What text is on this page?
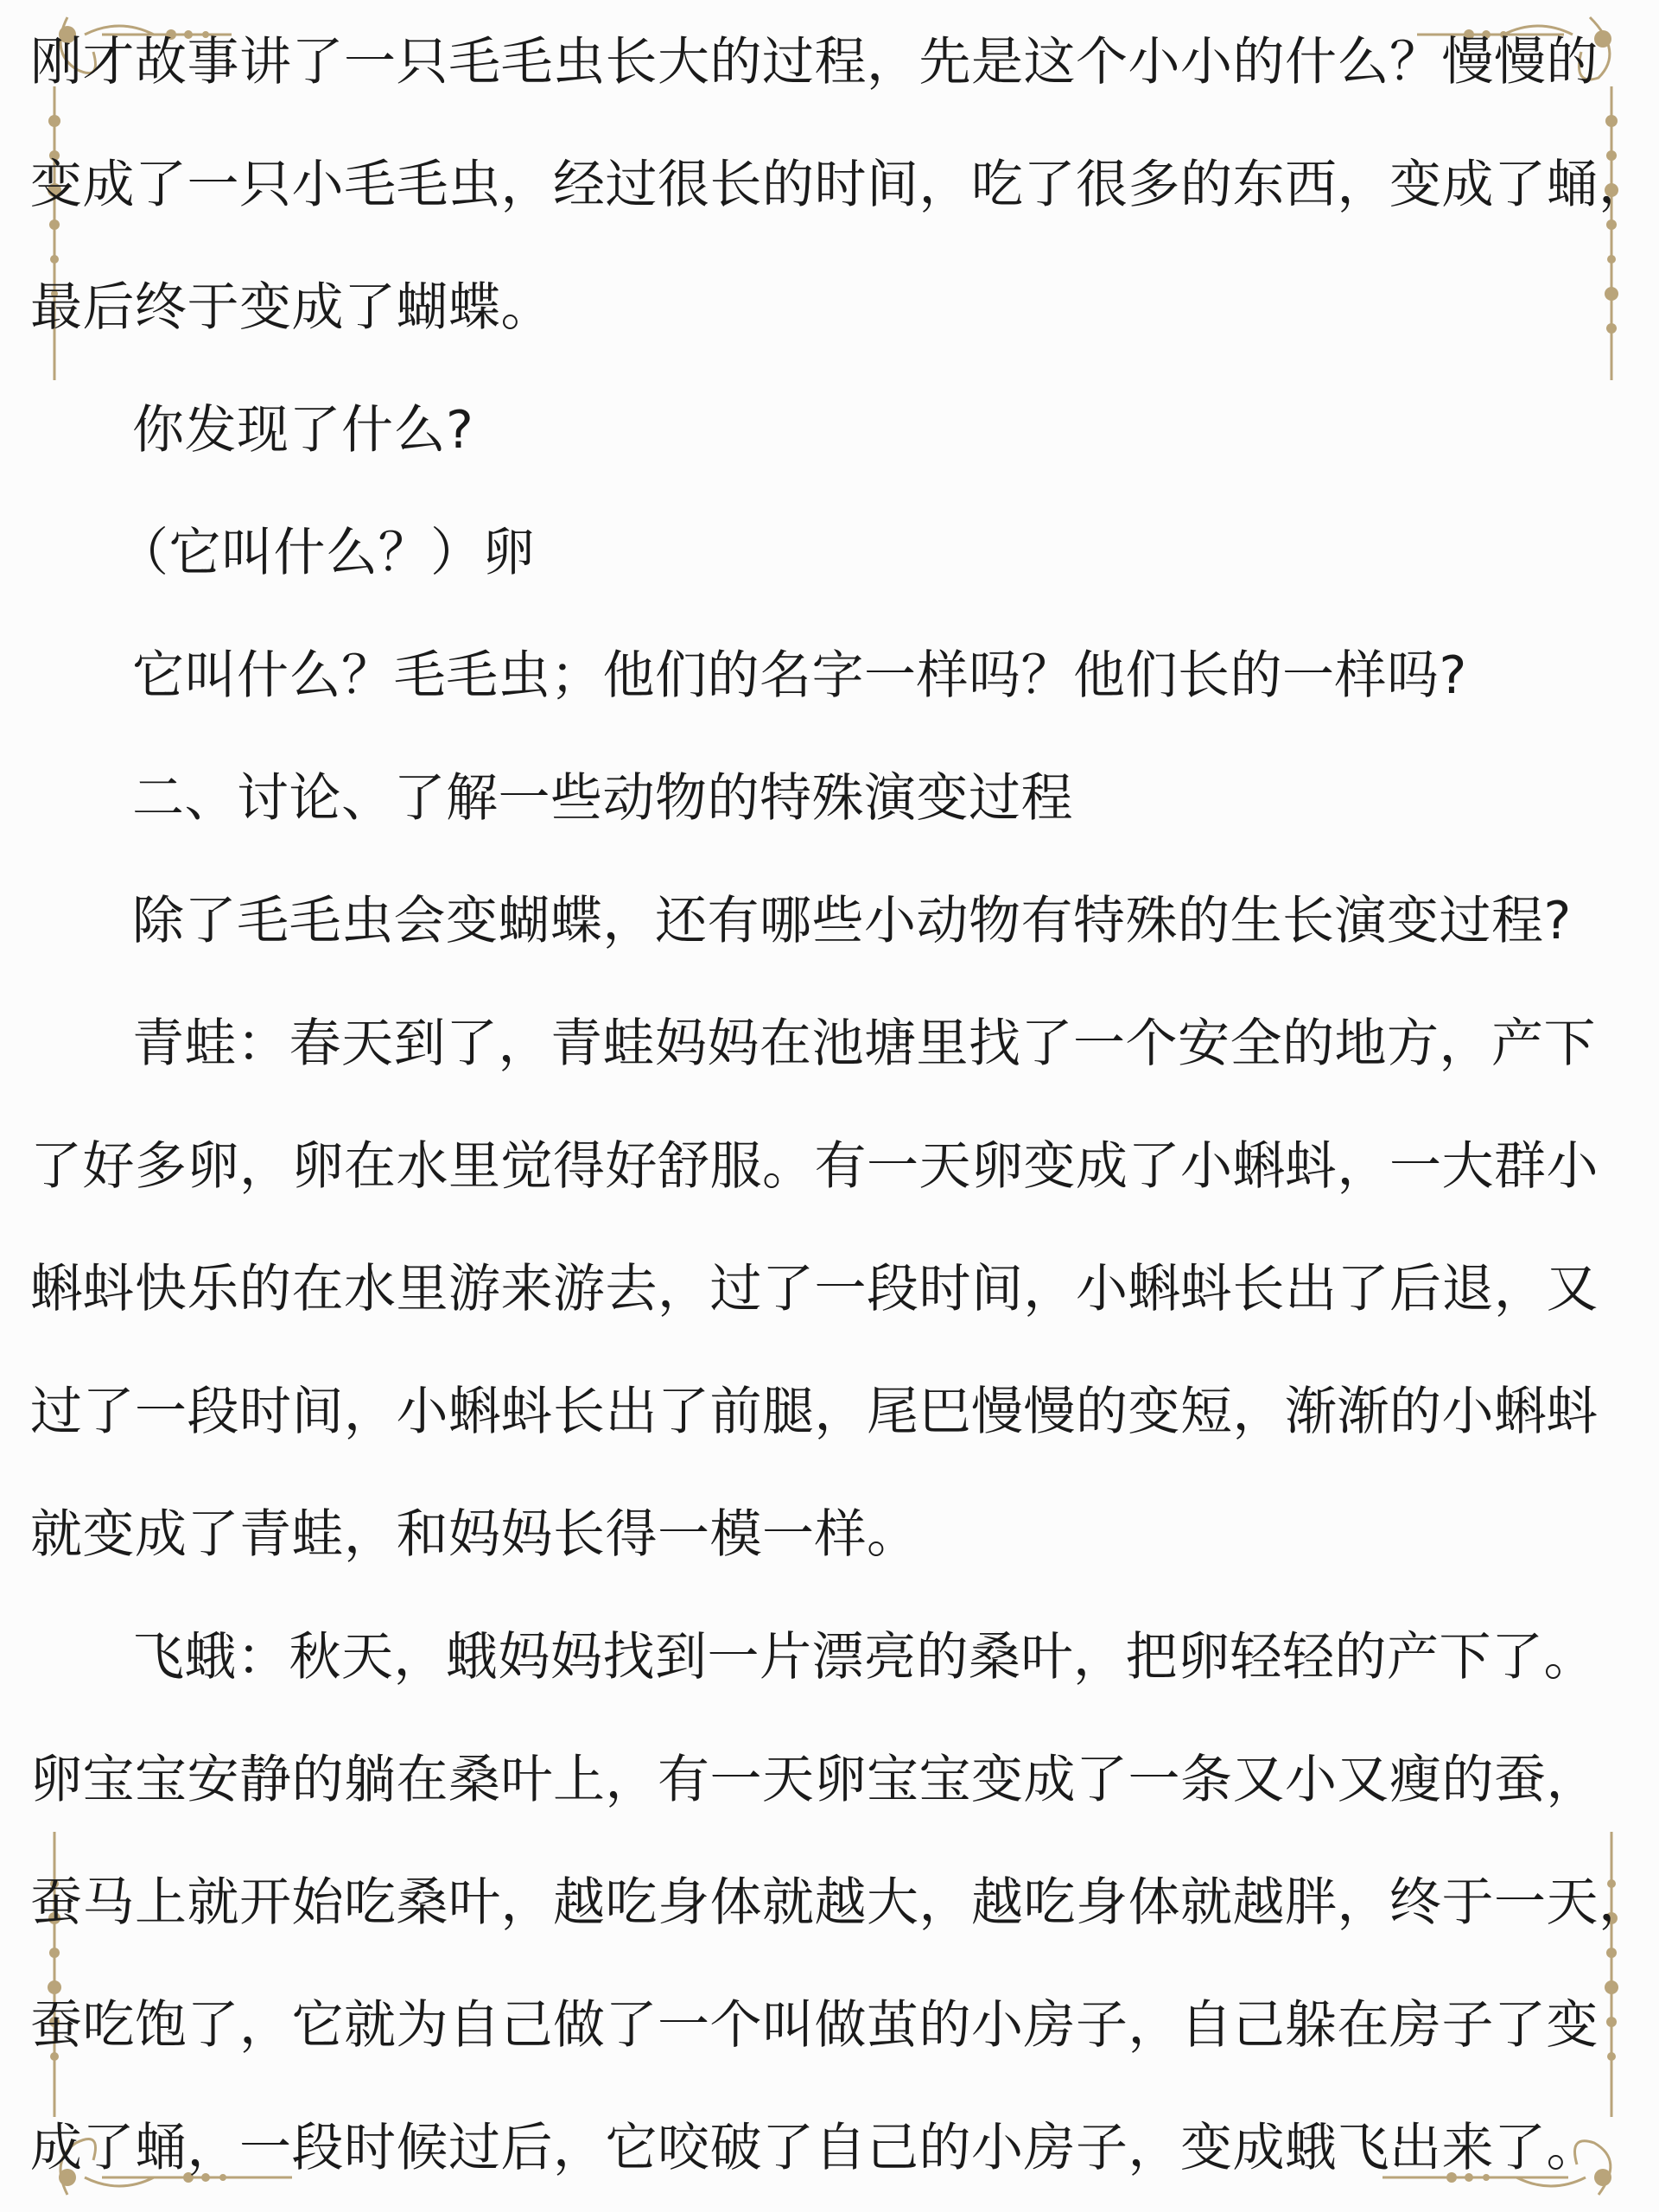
刚才故事讲了一只毛毛虫长大的过程，先是这个小小的什么？慢慢的
变成了一只小毛毛虫，经过很长的时间，吃了很多的东西，变成了蛹，
最后终于变成了蝴蝶。
你发现了什么?
（它叫什么？）卵
它叫什么？毛毛虫；他们的名字一样吗？他们长的一样吗?
二、讨论、了解一些动物的特殊演变过程
除了毛毛虫会变蝴蝶，还有哪些小动物有特殊的生长演变过程?
青蛙：春天到了，青蛙妈妈在池塘里找了一个安全的地方，产下
了好多卵，卵在水里觉得好舒服。有一天卵变成了小蝌蚪，一大群小
蝌蚪快乐的在水里游来游去，过了一段时间，小蝌蚪长出了后退，又
过了一段时间，小蝌蚪长出了前腿，尾巴慢慢的变短，渐渐的小蝌蚪
就变成了青蛙，和妈妈长得一模一样。
飞蛾：秋天，蛾妈妈找到一片漂亮的桑叶，把卵轻轻的产下了。
卵宝宝安静的躺在桑叶上，有一天卵宝宝变成了一条又小又瘦的蚕，
蚕马上就开始吃桑叶，越吃身体就越大，越吃身体就越胖，终于一天，
蚕吃饱了，它就为自己做了一个叫做茧的小房子，自己躲在房子了变
成了蛹，一段时候过后，它咬破了自己的小房子，变成蛾飞出来了。
